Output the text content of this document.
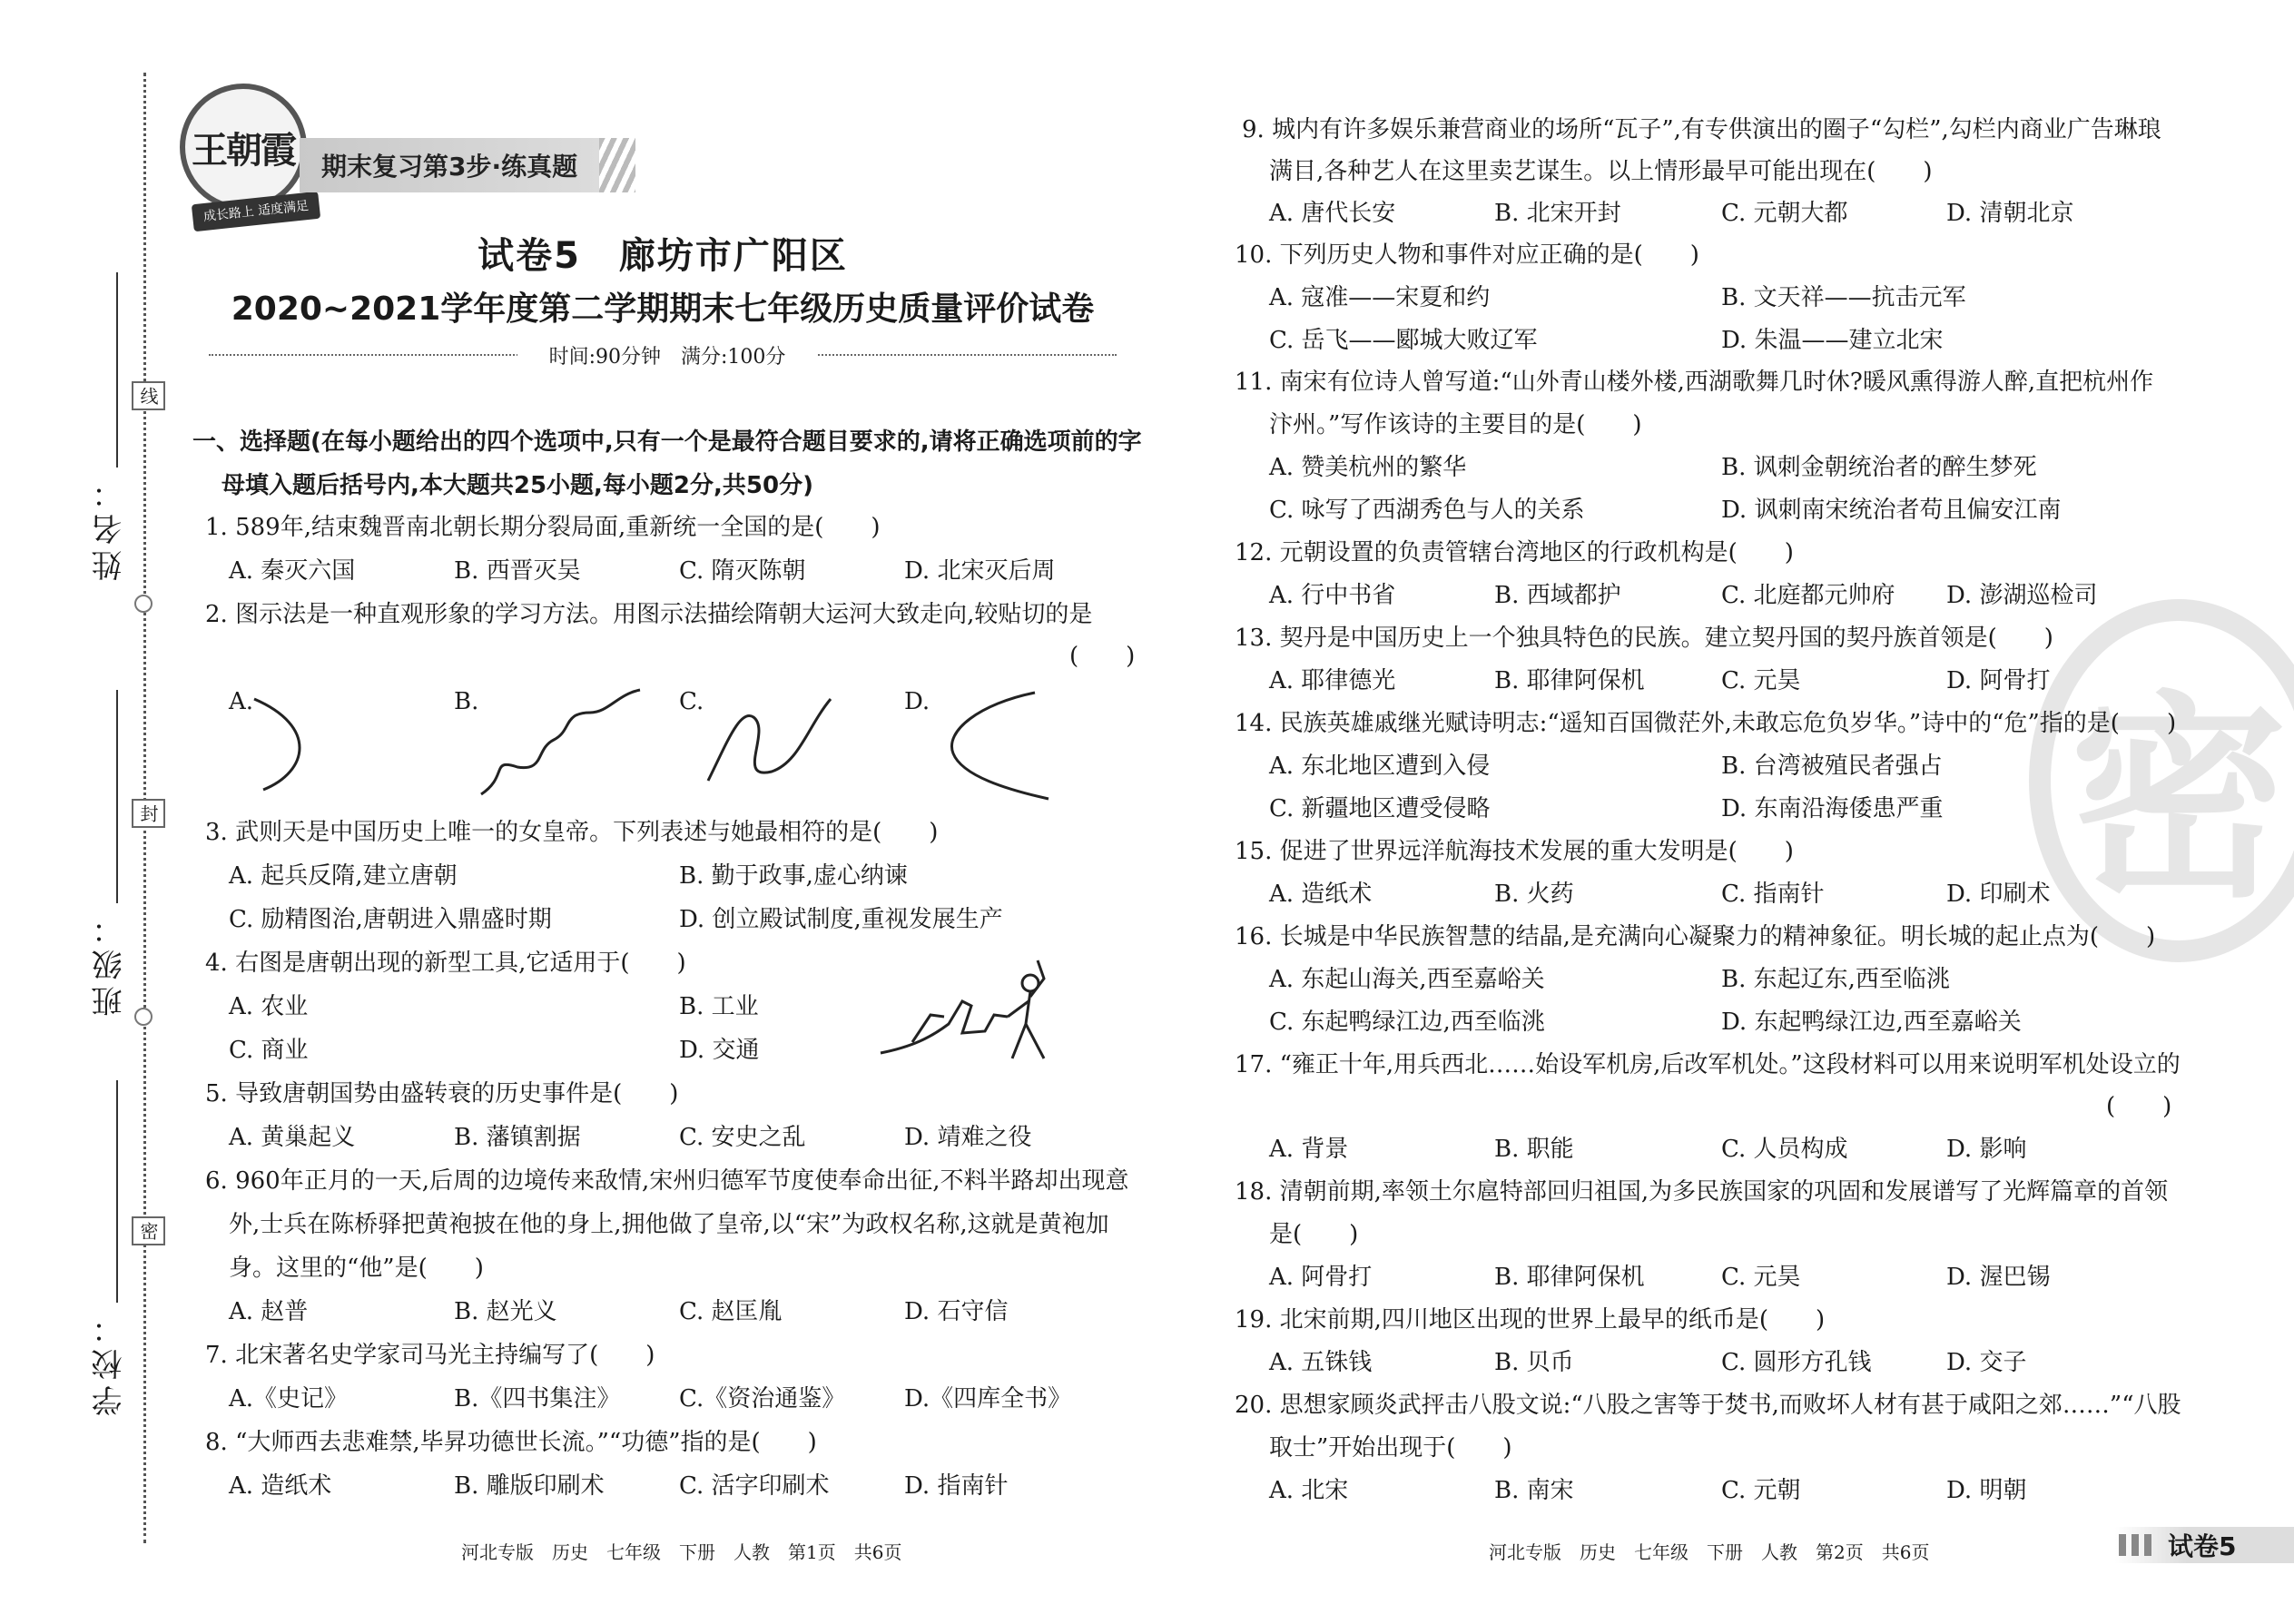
姓名：
班级：
学校：
线
封
密
王朝霞
成长路上 适度满足
期末复习第3步·练真题
试卷5　廊坊市广阳区
2020~2021学年度第二学期期末七年级历史质量评价试卷
时间:90分钟　满分:100分
一、选择题(在每小题给出的四个选项中,只有一个是最符合题目要求的,请将正确选项前的字
母填入题后括号内,本大题共25小题,每小题2分,共50分)
1. 589年,结束魏晋南北朝长期分裂局面,重新统一全国的是(　　)
A. 秦灭六国	B. 西晋灭吴	C. 隋灭陈朝	D. 北宋灭后周
2. 图示法是一种直观形象的学习方法。用图示法描绘隋朝大运河大致走向,较贴切的是
(　　)
A.	B.	C.	D.
3. 武则天是中国历史上唯一的女皇帝。下列表述与她最相符的是(　　)
A. 起兵反隋,建立唐朝	B. 勤于政事,虚心纳谏
C. 励精图治,唐朝进入鼎盛时期	D. 创立殿试制度,重视发展生产
4. 右图是唐朝出现的新型工具,它适用于(　　)
A. 农业	B. 工业
C. 商业	D. 交通
5. 导致唐朝国势由盛转衰的历史事件是(　　)
A. 黄巢起义	B. 藩镇割据	C. 安史之乱	D. 靖难之役
6. 960年正月的一天,后周的边境传来敌情,宋州归德军节度使奉命出征,不料半路却出现意
外,士兵在陈桥驿把黄袍披在他的身上,拥他做了皇帝,以“宋”为政权名称,这就是黄袍加
身。这里的“他”是(　　)
A. 赵普	B. 赵光义	C. 赵匡胤	D. 石守信
7. 北宋著名史学家司马光主持编写了(　　)
A.《史记》	B.《四书集注》 C.《资治通鉴》 D.《四库全书》
8. “大师西去悲难禁,毕昇功德世长流。”“功德”指的是(　　)
A. 造纸术	B. 雕版印刷术	C. 活字印刷术	D. 指南针
河北专版　历史　七年级　下册　人教　第1页　共6页
密
9. 城内有许多娱乐兼营商业的场所“瓦子”,有专供演出的圈子“勾栏”,勾栏内商业广告琳琅
满目,各种艺人在这里卖艺谋生。以上情形最早可能出现在(　　)
A. 唐代长安	B. 北宋开封	C. 元朝大都	D. 清朝北京
10. 下列历史人物和事件对应正确的是(　　)
A. 寇准——宋夏和约	B. 文天祥——抗击元军
C. 岳飞——郾城大败辽军	D. 朱温——建立北宋
11. 南宋有位诗人曾写道:“山外青山楼外楼,西湖歌舞几时休?暖风熏得游人醉,直把杭州作
汴州。”写作该诗的主要目的是(　　)
A. 赞美杭州的繁华	B. 讽刺金朝统治者的醉生梦死
C. 咏写了西湖秀色与人的关系	D. 讽刺南宋统治者苟且偏安江南
12. 元朝设置的负责管辖台湾地区的行政机构是(　　)
A. 行中书省	B. 西域都护	C. 北庭都元帅府 D. 澎湖巡检司
13. 契丹是中国历史上一个独具特色的民族。建立契丹国的契丹族首领是(　　)
A. 耶律德光	B. 耶律阿保机	C. 元昊	D. 阿骨打
14. 民族英雄戚继光赋诗明志:“遥知百国微茫外,未敢忘危负岁华。”诗中的“危”指的是(　　)
A. 东北地区遭到入侵	B. 台湾被殖民者强占
C. 新疆地区遭受侵略	D. 东南沿海倭患严重
15. 促进了世界远洋航海技术发展的重大发明是(　　)
A. 造纸术	B. 火药	C. 指南针	D. 印刷术
16. 长城是中华民族智慧的结晶,是充满向心凝聚力的精神象征。明长城的起止点为(　　)
A. 东起山海关,西至嘉峪关	B. 东起辽东,西至临洮
C. 东起鸭绿江边,西至临洮	D. 东起鸭绿江边,西至嘉峪关
17. “雍正十年,用兵西北……始设军机房,后改军机处。”这段材料可以用来说明军机处设立的
(　　)
A. 背景	B. 职能	C. 人员构成	D. 影响
18. 清朝前期,率领土尔扈特部回归祖国,为多民族国家的巩固和发展谱写了光辉篇章的首领
是(　　)
A. 阿骨打	B. 耶律阿保机	C. 元昊	D. 渥巴锡
19. 北宋前期,四川地区出现的世界上最早的纸币是(　　)
A. 五铢钱	B. 贝币	C. 圆形方孔钱	D. 交子
20. 思想家顾炎武抨击八股文说:“八股之害等于焚书,而败坏人材有甚于咸阳之郊……”“八股
取士”开始出现于(　　)
A. 北宋	B. 南宋	C. 元朝	D. 明朝
河北专版　历史　七年级　下册　人教　第2页　共6页	试卷5
